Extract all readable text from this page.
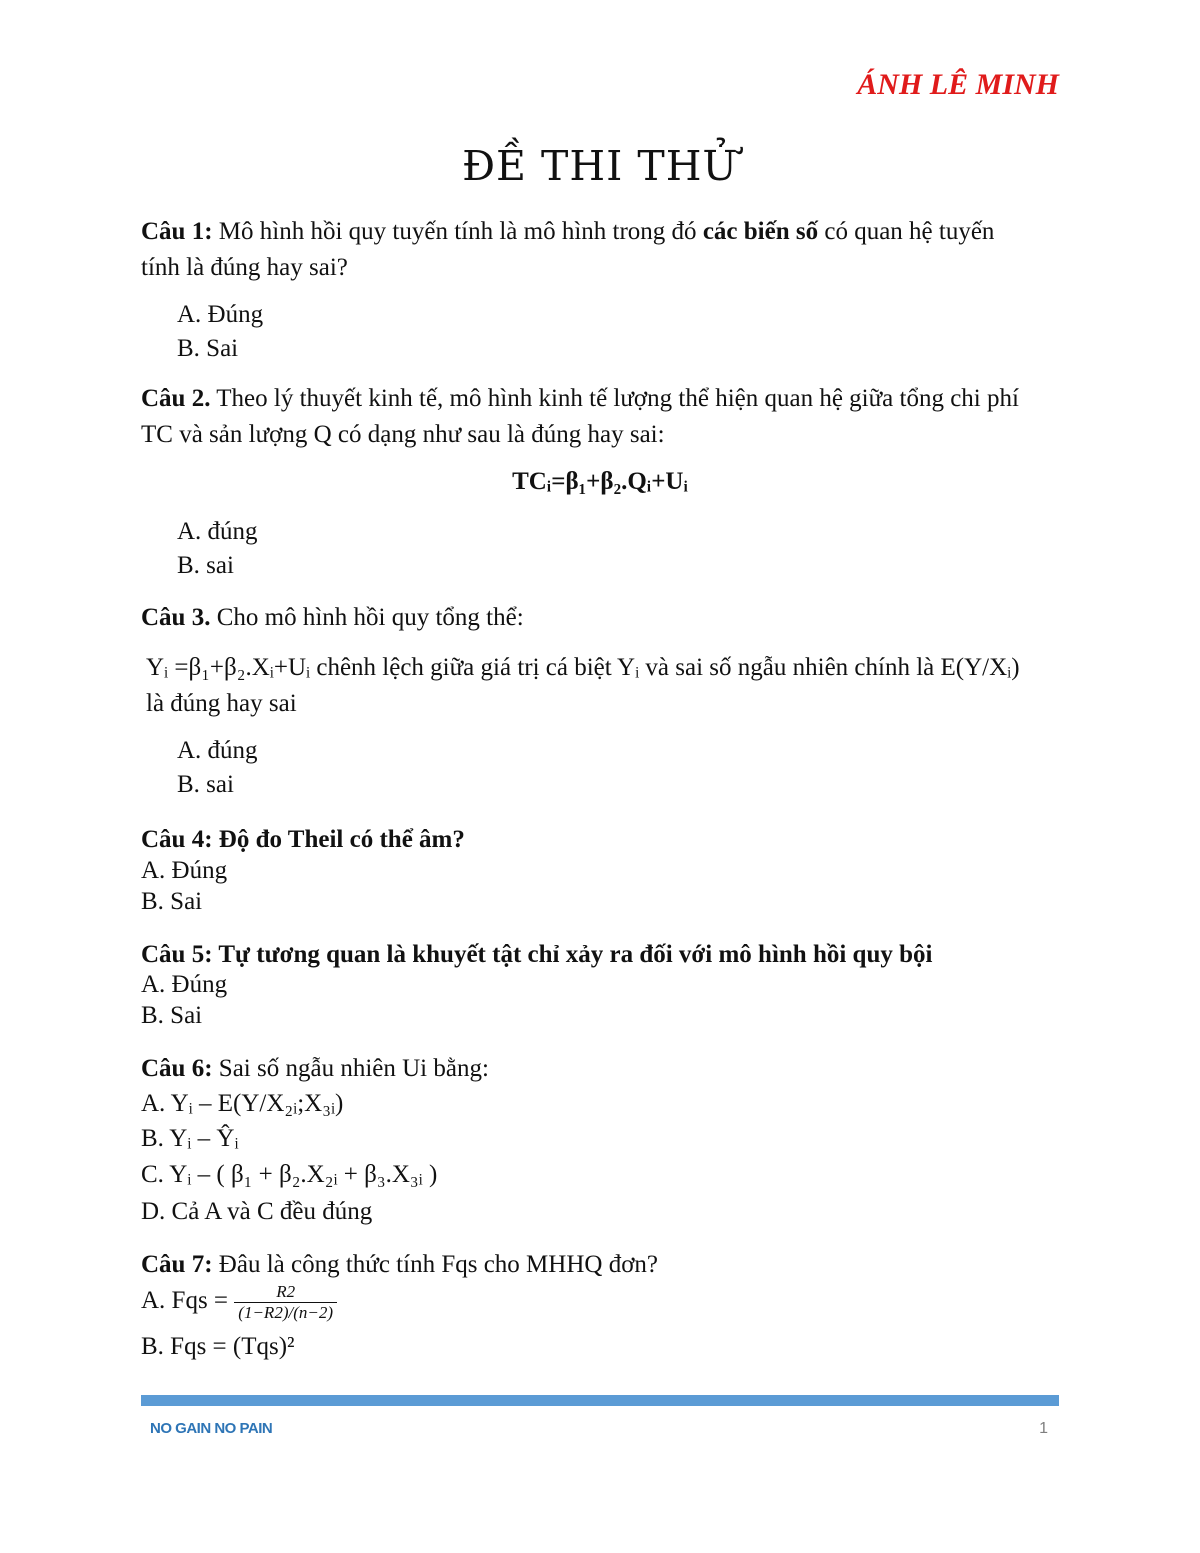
ÁNH LÊ MINH
ĐỀ THI THỬ
Câu 1: Mô hình hồi quy tuyến tính là mô hình trong đó các biến số có quan hệ tuyến tính là đúng hay sai?
A. Đúng
B. Sai
Câu 2. Theo lý thuyết kinh tế, mô hình kinh tế lượng thể hiện quan hệ giữa tổng chi phí TC và sản lượng Q có dạng như sau là đúng hay sai:
TCᵢ=β₁+β₂.Qᵢ+Uᵢ
A. đúng
B. sai
Câu 3. Cho mô hình hồi quy tổng thể:
Yᵢ =β₁+β₂.Xᵢ+Uᵢ chênh lệch giữa giá trị cá biệt Yᵢ và sai số ngẫu nhiên chính là E(Y/Xᵢ) là đúng hay sai
A. đúng
B. sai
Câu 4: Độ đo Theil có thể âm?
A. Đúng
B. Sai
Câu 5: Tự tương quan là khuyết tật chỉ xảy ra đối với mô hình hồi quy bội
A. Đúng
B. Sai
Câu 6: Sai số ngẫu nhiên Ui bằng:
A. Yᵢ – E(Y/X₂ᵢ;X₃ᵢ)
B. Yᵢ – Ŷᵢ
C. Yᵢ – ( β₁ + β₂.X₂ᵢ + β₃.X₃ᵢ )
D. Cả A và C đều đúng
Câu 7: Đâu là công thức tính Fqs cho MHHQ đơn?
A. Fqs = $\frac{R2}{(1-R2)/(n-2)}$
B. Fqs = (Tqs)²
NO GAIN NO PAIN	1
